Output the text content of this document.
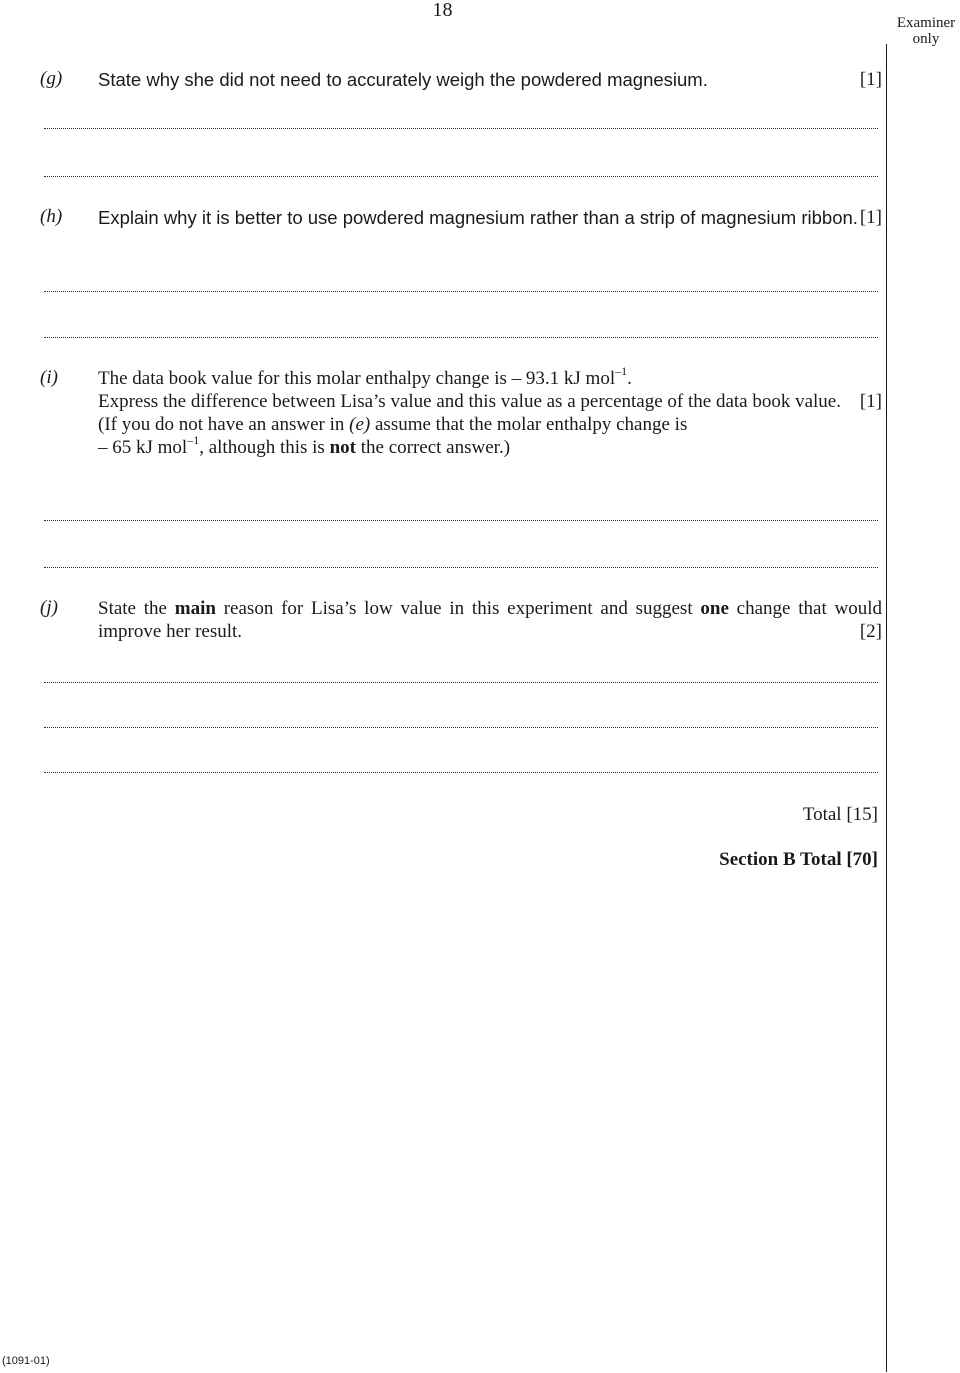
18
Examiner only
(g)	[1]
State why she did not need to accurately weigh the powdered magnesium.
(h) Explain why it is better to use powdered magnesium rather than a strip of magnesium ribbon. [1]
(i) The data book value for this molar enthalpy change is – 93.1 kJ mol$^{-1}$.
Express the difference between Lisa’s value and this value as a percentage of the data book value. [1]
(If you do not have an answer in (e) assume that the molar enthalpy change is
– 65 kJ mol$^{-1}$, although this is not the correct answer.)
(j) State the main reason for Lisa’s low value in this experiment and suggest one change that would improve her result.	[2]
Total [15]
Section B Total [70]
(1091-01)
